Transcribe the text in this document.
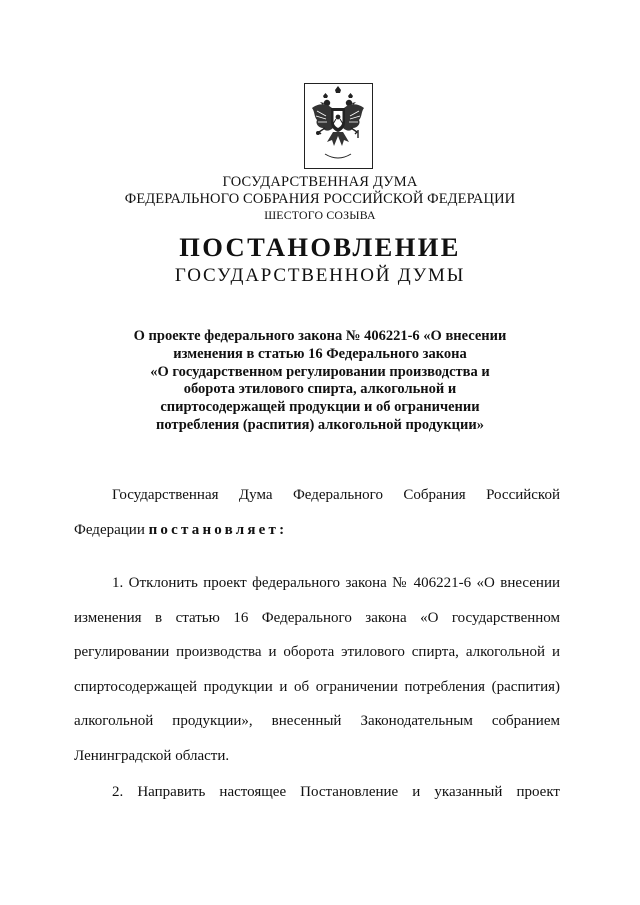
ГОСУДАРСТВЕННАЯ ДУМА
ФЕДЕРАЛЬНОГО СОБРАНИЯ РОССИЙСКОЙ ФЕДЕРАЦИИ
ШЕСТОГО СОЗЫВА
ПОСТАНОВЛЕНИЕ
ГОСУДАРСТВЕННОЙ ДУМЫ
О проекте федерального закона № 406221-6 «О внесении
изменения в статью 16 Федерального закона
«О государственном регулировании производства и
оборота этилового спирта, алкогольной и
спиртосодержащей продукции и об ограничении
потребления (распития) алкогольной продукции»
Государственная Дума Федерального Собрания Российской
Федерации постановляет:
1. Отклонить проект федерального закона № 406221-6 «О внесении
изменения в статью 16 Федерального закона «О государственном
регулировании производства и оборота этилового спирта, алкогольной и
спиртосодержащей продукции и об ограничении потребления (распития)
алкогольной продукции», внесенный Законодательным собранием
Ленинградской области.
2. Направить настоящее Постановление и указанный проект
